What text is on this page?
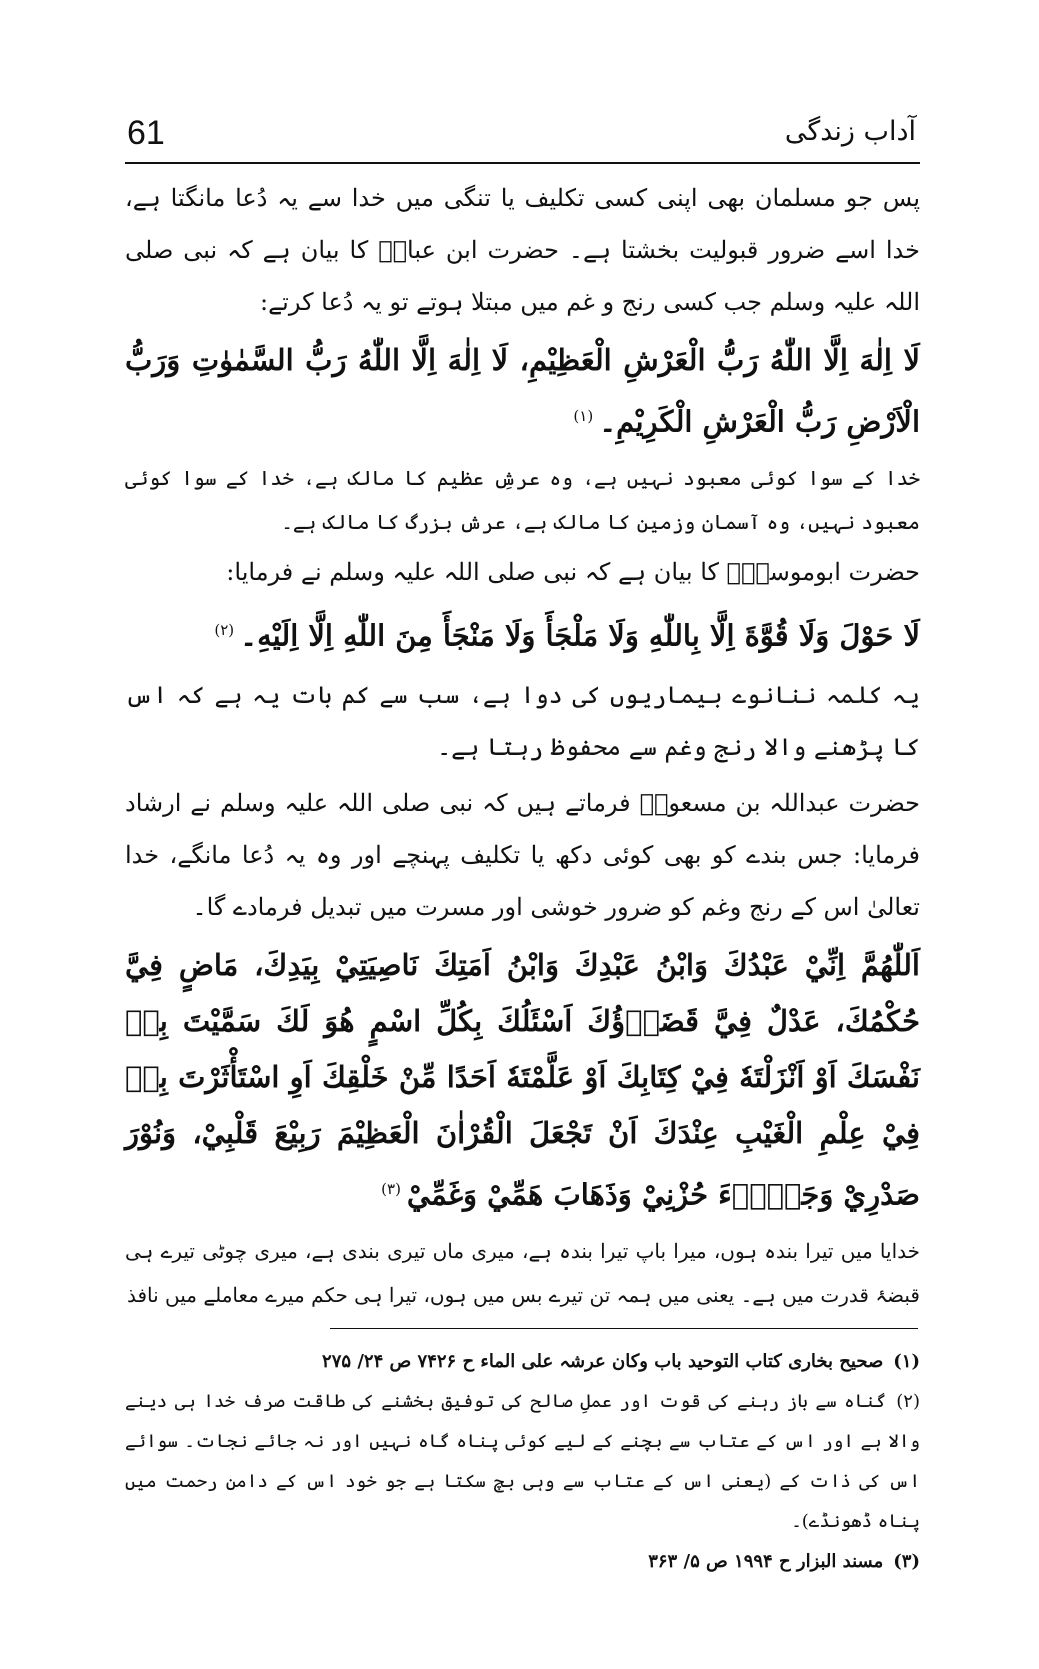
61	آداب زندگی

پس جو مسلمان بھی اپنی کسی تکلیف یا تنگی میں خدا سے یہ دُعا مانگتا ہے، خدا اسے ضرور قبولیت بخشتا ہے۔ حضرت ابن عباسؓ کا بیان ہے کہ نبی صلی اللہ علیہ وسلم جب کسی رنج و غم میں مبتلا ہوتے تو یہ دُعا کرتے:

لَا اِلٰهَ اِلَّا اللّٰهُ رَبُّ الْعَرْشِ الْعَظِيْمِ، لَا اِلٰهَ اِلَّا اللّٰهُ رَبُّ السَّمٰوٰتِ وَرَبُّ الْاَرْضِ رَبُّ الْعَرْشِ الْكَرِيْمِ۔$^{(۱)}$

خدا کے سوا کوئی معبود نہیں ہے، وہ عرشِ عظیم کا مالک ہے، خدا کے سوا کوئی معبود نہیں، وہ آسمان وزمین کا مالک ہے، عرش بزرگ کا مالک ہے۔

حضرت ابوموسیٰؓ کا بیان ہے کہ نبی صلی اللہ علیہ وسلم نے فرمایا:

لَا حَوْلَ وَلَا قُوَّةَ اِلَّا بِاللّٰهِ وَلَا مَلْجَأَ وَلَا مَنْجَأَ مِنَ اللّٰهِ اِلَّا اِلَيْهِ۔$^{(۲)}$

یہ کلمہ ننانوے بیماریوں کی دوا ہے، سب سے کم بات یہ ہے کہ اس کا پڑھنے والا رنج وغم سے محفوظ رہتا ہے۔

حضرت عبداللہ بن مسعودؓ فرماتے ہیں کہ نبی صلی اللہ علیہ وسلم نے ارشاد فرمایا: جس بندے کو بھی کوئی دکھ یا تکلیف پہنچے اور وہ یہ دُعا مانگے، خدا تعالیٰ اس کے رنج وغم کو ضرور خوشی اور مسرت میں تبدیل فرمادے گا۔

اَللّٰهُمَّ اِنِّيْ عَبْدُكَ وَابْنُ عَبْدِكَ وَابْنُ اَمَتِكَ نَاصِيَتِيْ بِيَدِكَ، مَاضٍ فِيَّ حُكْمُكَ، عَدْلٌ فِيَّ قَضَاۤؤُكَ اَسْئَلُكَ بِكُلِّ اسْمٍ هُوَ لَكَ سَمَّيْتَ بِهٖ نَفْسَكَ اَوْ اَنْزَلْتَهٗ فِيْ كِتَابِكَ اَوْ عَلَّمْتَهٗ اَحَدًا مِّنْ خَلْقِكَ اَوِ اسْتَأْثَرْتَ بِهٖ فِيْ عِلْمِ الْغَيْبِ عِنْدَكَ اَنْ تَجْعَلَ الْقُرْاٰنَ الْعَظِيْمَ رَبِيْعَ قَلْبِيْ، وَنُوْرَ صَدْرِيْ وَجَلَاۤءَ حُزْنِيْ وَذَهَابَ هَمِّيْ وَغَمِّيْ$^{(۳)}$

خدایا میں تیرا بندہ ہوں، میرا باپ تیرا بندہ ہے، میری ماں تیری بندی ہے، میری چوٹی تیرے ہی قبضۂ قدرت میں ہے۔ یعنی میں ہمہ تن تیرے بس میں ہوں، تیرا ہی حکم میرے معاملے میں نافذ

(۱)صحیح بخاری کتاب التوحید باب وکان عرشہ علی الماء ح ۷۴۲۶ ص ۲۴/ ۲۷۵

(۲)گناہ سے باز رہنے کی قوت اور عملِ صالح کی توفیق بخشنے کی طاقت صرف خدا ہی دینے والا ہے اور اس کے عتاب سے بچنے کے لیے کوئی پناہ گاہ نہیں اور نہ جائے نجات۔ سوائے اس کی ذات کے (یعنی اس کے عتاب سے وہی بچ سکتا ہے جو خود اس کے دامنِ رحمت میں پناہ ڈھونڈے)۔

(۳)مسند البزار ح ۱۹۹۴ ص ۵/ ۳۶۳
